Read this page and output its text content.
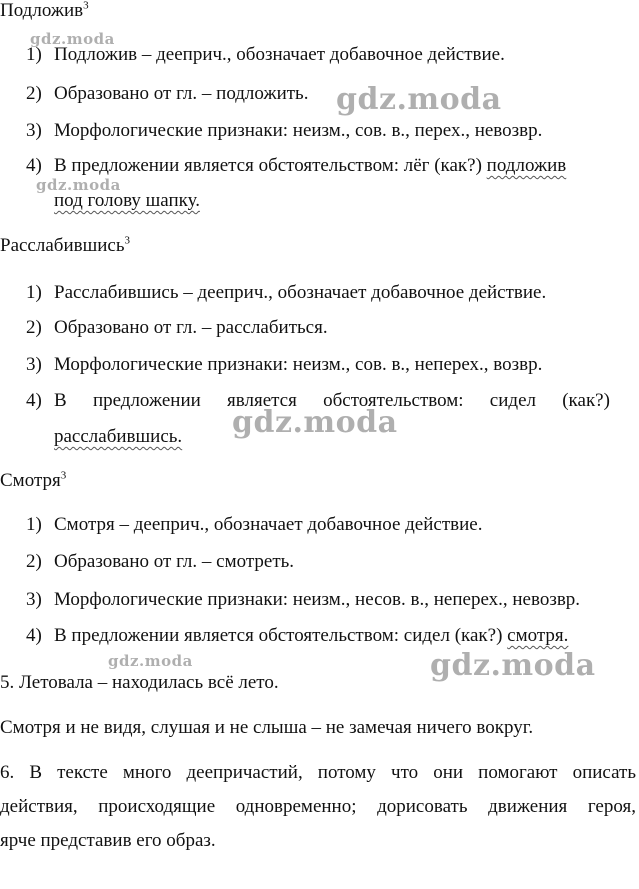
Подложив$^3$
1) Подложив – дееприч., обозначает добавочное действие.
2) Образовано от гл. – подложить.
3) Морфологические признаки: неизм., сов. в., перех., невозвр.
4) В предложении является обстоятельством: лёг (как?) подложив
под голову шапку.
Расслабившись$^3$
1) Расслабившись – дееприч., обозначает добавочное действие.
2) Образовано от гл. – расслабиться.
3) Морфологические признаки: неизм., сов. в., неперех., возвр.
4) В предложении является обстоятельством: сидел (как?)
расслабившись.
Смотря$^3$
1) Смотря – дееприч., обозначает добавочное действие.
2) Образовано от гл. – смотреть.
3) Морфологические признаки: неизм., несов. в., неперех., невозвр.
4) В предложении является обстоятельством: сидел (как?) смотря.
5. Летовала – находилась всё лето.
Смотря и не видя, слушая и не слыша – не замечая ничего вокруг.
6. В тексте много деепричастий, потому что они помогают описать
действия, происходящие одновременно; дорисовать движения героя,
ярче представив его образ.
gdz.moda
gdz.moda
gdz.moda
gdz.moda
gdz.moda	gdz.moda
